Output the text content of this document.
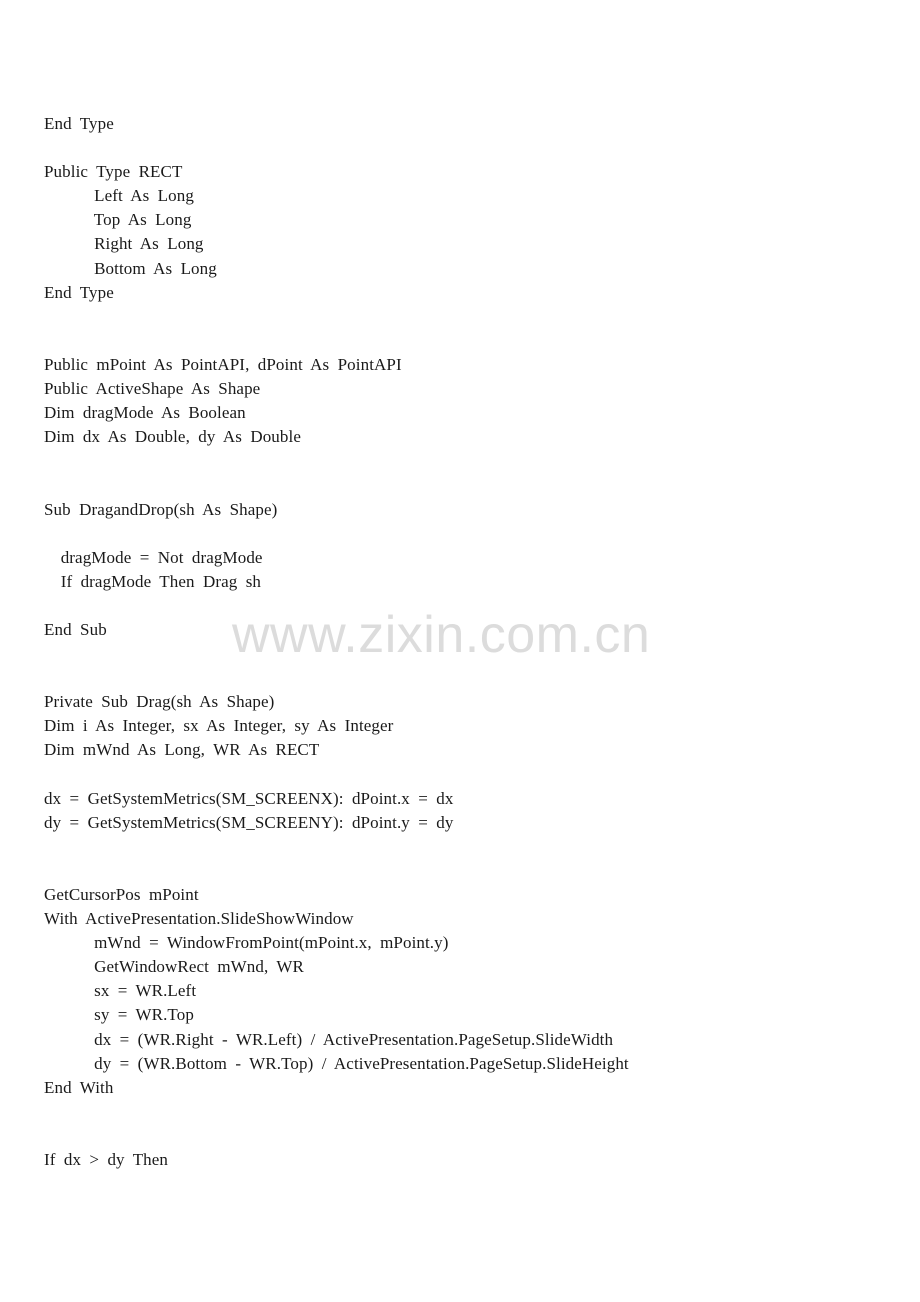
End Type
Public Type RECT
Left As Long
Top As Long
Right As Long
Bottom As Long
End Type
Public mPoint As PointAPI, dPoint As PointAPI
Public ActiveShape As Shape
Dim dragMode As Boolean
Dim dx As Double, dy As Double
Sub DragandDrop(sh As Shape)
dragMode = Not dragMode
If dragMode Then Drag sh
End Sub
Private Sub Drag(sh As Shape)
Dim i As Integer, sx As Integer, sy As Integer
Dim mWnd As Long, WR As RECT
dx = GetSystemMetrics(SM_SCREENX): dPoint.x = dx
dy = GetSystemMetrics(SM_SCREENY): dPoint.y = dy
GetCursorPos mPoint
With ActivePresentation.SlideShowWindow
mWnd = WindowFromPoint(mPoint.x, mPoint.y)
GetWindowRect mWnd, WR
sx = WR.Left
sy = WR.Top
dx = (WR.Right - WR.Left) / ActivePresentation.PageSetup.SlideWidth
dy = (WR.Bottom - WR.Top) / ActivePresentation.PageSetup.SlideHeight
End With
If dx > dy Then
www.zixin.com.cn
